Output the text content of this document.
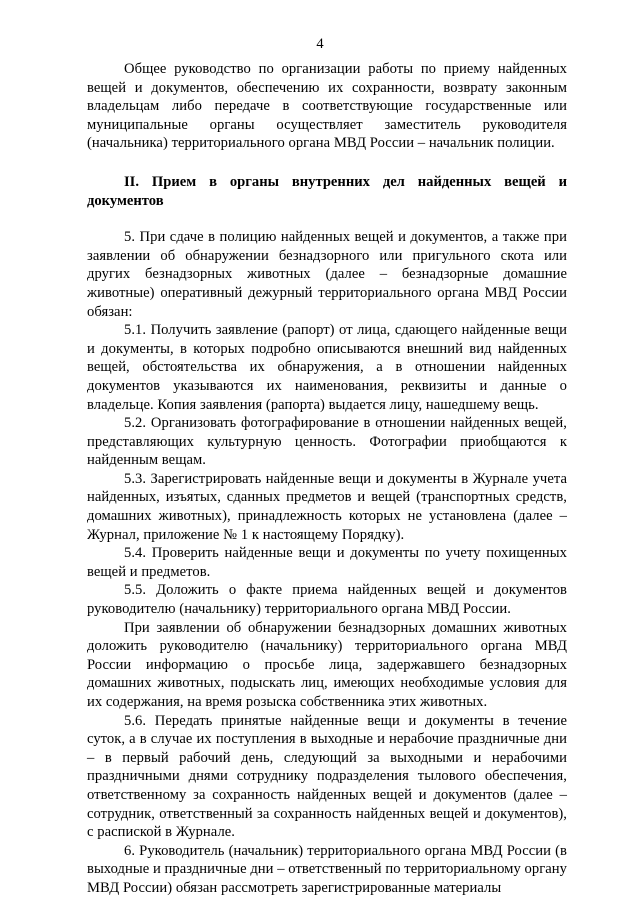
4

Общее руководство по организации работы по приему найденных вещей и документов, обеспечению их сохранности, возврату законным владельцам либо передаче в соответствующие государственные или муниципальные органы осуществляет заместитель руководителя (начальника) территориального органа МВД России – начальник полиции.

II. Прием в органы внутренних дел найденных вещей и документов

5. При сдаче в полицию найденных вещей и документов, а также при заявлении об обнаружении безнадзорного или пригульного скота или других безнадзорных животных (далее – безнадзорные домашние животные) оперативный дежурный территориального органа МВД России обязан:

5.1. Получить заявление (рапорт) от лица, сдающего найденные вещи и документы, в которых подробно описываются внешний вид найденных вещей, обстоятельства их обнаружения, а в отношении найденных документов указываются их наименования, реквизиты и данные о владельце. Копия заявления (рапорта) выдается лицу, нашедшему вещь.

5.2. Организовать фотографирование в отношении найденных вещей, представляющих культурную ценность. Фотографии приобщаются к найденным вещам.

5.3. Зарегистрировать найденные вещи и документы в Журнале учета найденных, изъятых, сданных предметов и вещей (транспортных средств, домашних животных), принадлежность которых не установлена (далее – Журнал, приложение № 1 к настоящему Порядку).

5.4. Проверить найденные вещи и документы по учету похищенных вещей и предметов.

5.5. Доложить о факте приема найденных вещей и документов руководителю (начальнику) территориального органа МВД России.

При заявлении об обнаружении безнадзорных домашних животных доложить руководителю (начальнику) территориального органа МВД России информацию о просьбе лица, задержавшего безнадзорных домашних животных, подыскать лиц, имеющих необходимые условия для их содержания, на время розыска собственника этих животных.

5.6. Передать принятые найденные вещи и документы в течение суток, а в случае их поступления в выходные и нерабочие праздничные дни – в первый рабочий день, следующий за выходными и нерабочими праздничными днями сотруднику подразделения тылового обеспечения, ответственному за сохранность найденных вещей и документов (далее – сотрудник, ответственный за сохранность найденных вещей и документов), с распиской в Журнале.

6. Руководитель (начальник) территориального органа МВД России (в выходные и праздничные дни – ответственный по территориальному органу МВД России) обязан рассмотреть зарегистрированные материалы
